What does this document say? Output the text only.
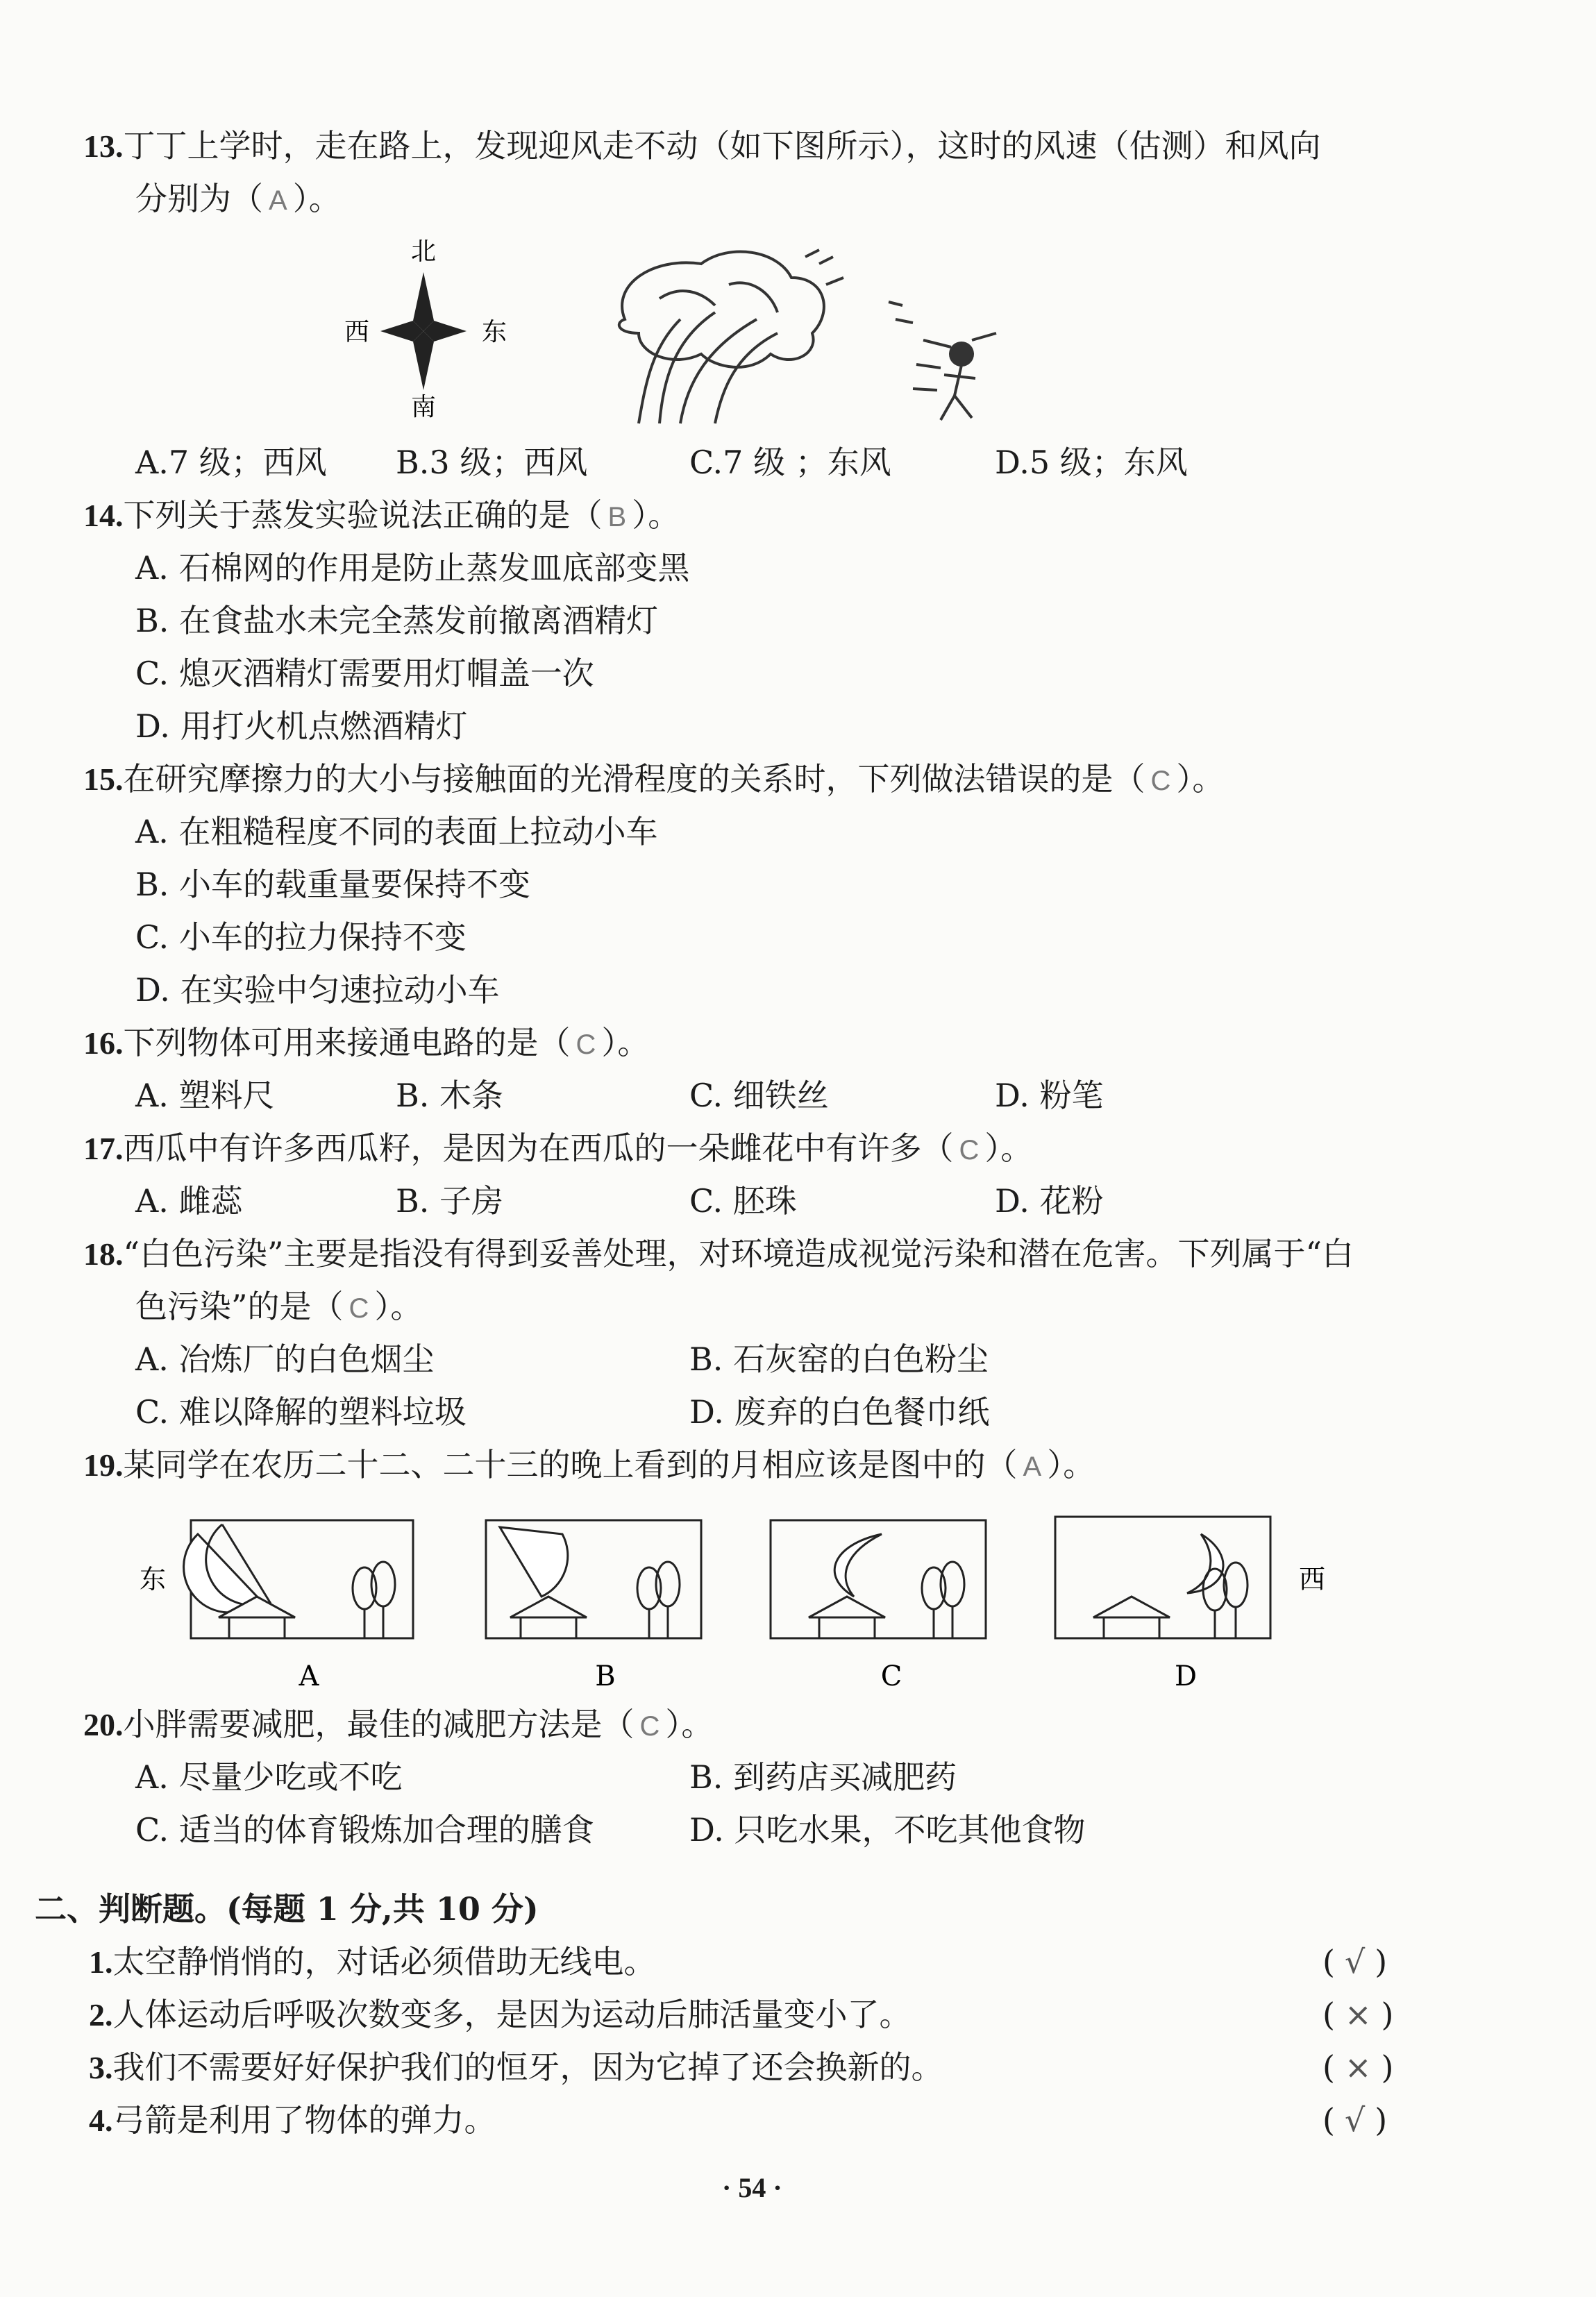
13.丁丁上学时，走在路上，发现迎风走不动（如下图所示），这时的风速（估测）和风向
分别为（ A ）。
北
南
西	东
A.7 级；西风 B.3 级；西风	C.7 级 ；东风	D.5 级；东风
14.下列关于蒸发实验说法正确的是（ B ）。
A. 石棉网的作用是防止蒸发皿底部变黑
B. 在食盐水未完全蒸发前撤离酒精灯
C. 熄灭酒精灯需要用灯帽盖一次
D. 用打火机点燃酒精灯
15.在研究摩擦力的大小与接触面的光滑程度的关系时，下列做法错误的是（ C ）。
A. 在粗糙程度不同的表面上拉动小车
B. 小车的载重量要保持不变
C. 小车的拉力保持不变
D. 在实验中匀速拉动小车
16.下列物体可用来接通电路的是（ C ）。
A. 塑料尺	B. 木条	C. 细铁丝	D. 粉笔
17.西瓜中有许多西瓜籽，是因为在西瓜的一朵雌花中有许多（ C ）。
A. 雌蕊	B. 子房	C. 胚珠	D. 花粉
18.“白色污染”主要是指没有得到妥善处理，对环境造成视觉污染和潜在危害。下列属于“白
色污染”的是（ C ）。
A. 冶炼厂的白色烟尘	B. 石灰窑的白色粉尘
C. 难以降解的塑料垃圾	D. 废弃的白色餐巾纸
19.某同学在农历二十二、二十三的晚上看到的月相应该是图中的（ A ）。
东	西
A	B	C	D
20.小胖需要减肥，最佳的减肥方法是（ C ）。
A. 尽量少吃或不吃	B. 到药店买减肥药
C. 适当的体育锻炼加合理的膳食	D. 只吃水果，不吃其他食物
二、判断题。(每题 1 分,共 10 分)
1.太空静悄悄的，对话必须借助无线电。	( √ )
2.人体运动后呼吸次数变多，是因为运动后肺活量变小了。	( × )
3.我们不需要好好保护我们的恒牙，因为它掉了还会换新的。	( × )
4.弓箭是利用了物体的弹力。	( √ )
· 54 ·
